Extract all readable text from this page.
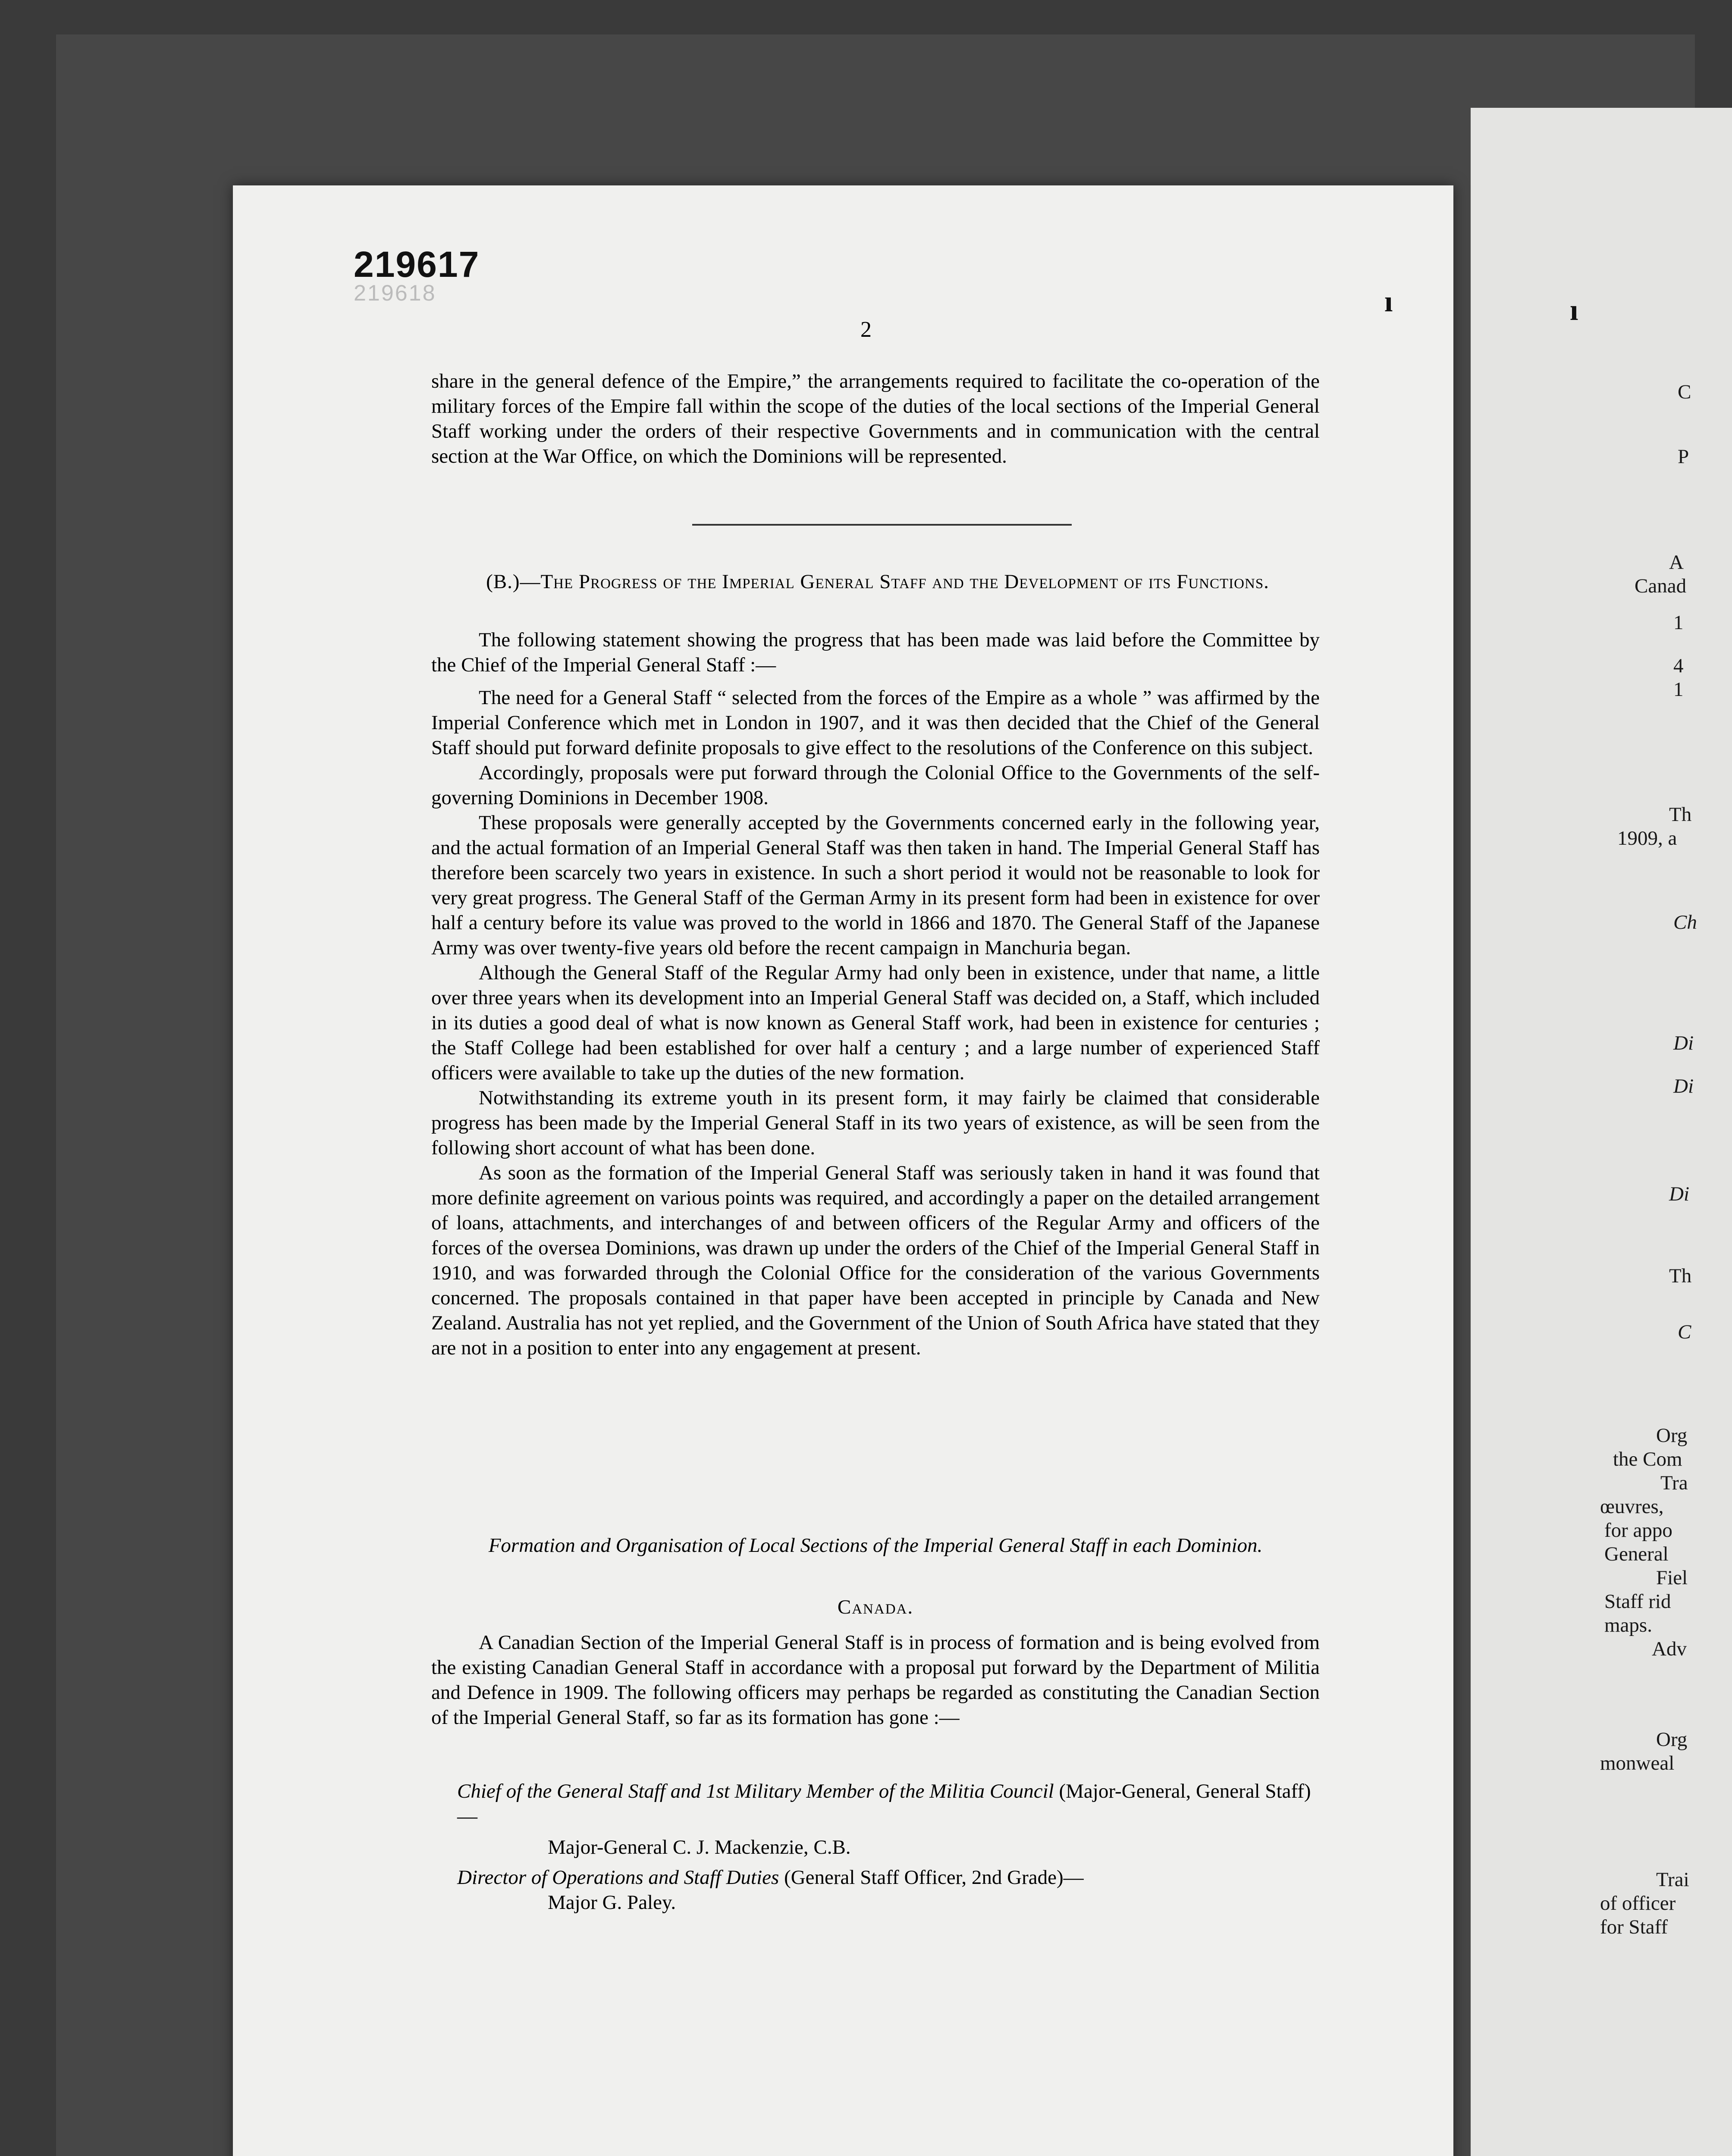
C
P
A
Canad
1
4
1
Th
1909, a
Ch
Di
Di
Di
Th
C
Org
the Com
Tra
œuvres,
for appo
General
Fiel
Staff rid
maps.
Adv
Org
monweal
Trai
of officer
for Staff
219617
219618	ı	ı
2

share in the general defence of the Empire,” the arrangements required to facilitate the co-operation of the military forces of the Empire fall within the scope of the duties of the local sections of the Imperial General Staff working under the orders of their respective Governments and in communication with the central section at the War Office, on which the Dominions will be represented.

(B.)—The Progress of the Imperial General Staff and the Development of its Functions.

The following statement showing the progress that has been made was laid before the Committee by the Chief of the Imperial General Staff :—

The need for a General Staff “ selected from the forces of the Empire as a whole ” was affirmed by the Imperial Conference which met in London in 1907, and it was then decided that the Chief of the General Staff should put forward definite proposals to give effect to the resolutions of the Conference on this subject.

Accordingly, proposals were put forward through the Colonial Office to the Governments of the self-governing Dominions in December 1908.

These proposals were generally accepted by the Governments concerned early in the following year, and the actual formation of an Imperial General Staff was then taken in hand. The Imperial General Staff has therefore been scarcely two years in existence. In such a short period it would not be reasonable to look for very great progress. The General Staff of the German Army in its present form had been in existence for over half a century before its value was proved to the world in 1866 and 1870. The General Staff of the Japanese Army was over twenty-five years old before the recent campaign in Manchuria began.

Although the General Staff of the Regular Army had only been in existence, under that name, a little over three years when its development into an Imperial General Staff was decided on, a Staff, which included in its duties a good deal of what is now known as General Staff work, had been in existence for centuries ; the Staff College had been established for over half a century ; and a large number of experienced Staff officers were available to take up the duties of the new formation.

Notwithstanding its extreme youth in its present form, it may fairly be claimed that considerable progress has been made by the Imperial General Staff in its two years of existence, as will be seen from the following short account of what has been done.

As soon as the formation of the Imperial General Staff was seriously taken in hand it was found that more definite agreement on various points was required, and accordingly a paper on the detailed arrangement of loans, attachments, and interchanges of and between officers of the Regular Army and officers of the forces of the oversea Dominions, was drawn up under the orders of the Chief of the Imperial General Staff in 1910, and was forwarded through the Colonial Office for the consideration of the various Governments concerned. The proposals contained in that paper have been accepted in principle by Canada and New Zealand. Australia has not yet replied, and the Government of the Union of South Africa have stated that they are not in a position to enter into any engagement at present.

Formation and Organisation of Local Sections of the Imperial General Staff in each Dominion.
Canada.

A Canadian Section of the Imperial General Staff is in process of formation and is being evolved from the existing Canadian General Staff in accordance with a proposal put forward by the Department of Militia and Defence in 1909. The following officers may perhaps be regarded as constituting the Canadian Section of the Imperial General Staff, so far as its formation has gone :—

Chief of the General Staff and 1st Military Member of the Militia Council (Major-General, General Staff)—
Major-General C. J. Mackenzie, C.B.
Director of Operations and Staff Duties (General Staff Officer, 2nd Grade)—
Major G. Paley.
